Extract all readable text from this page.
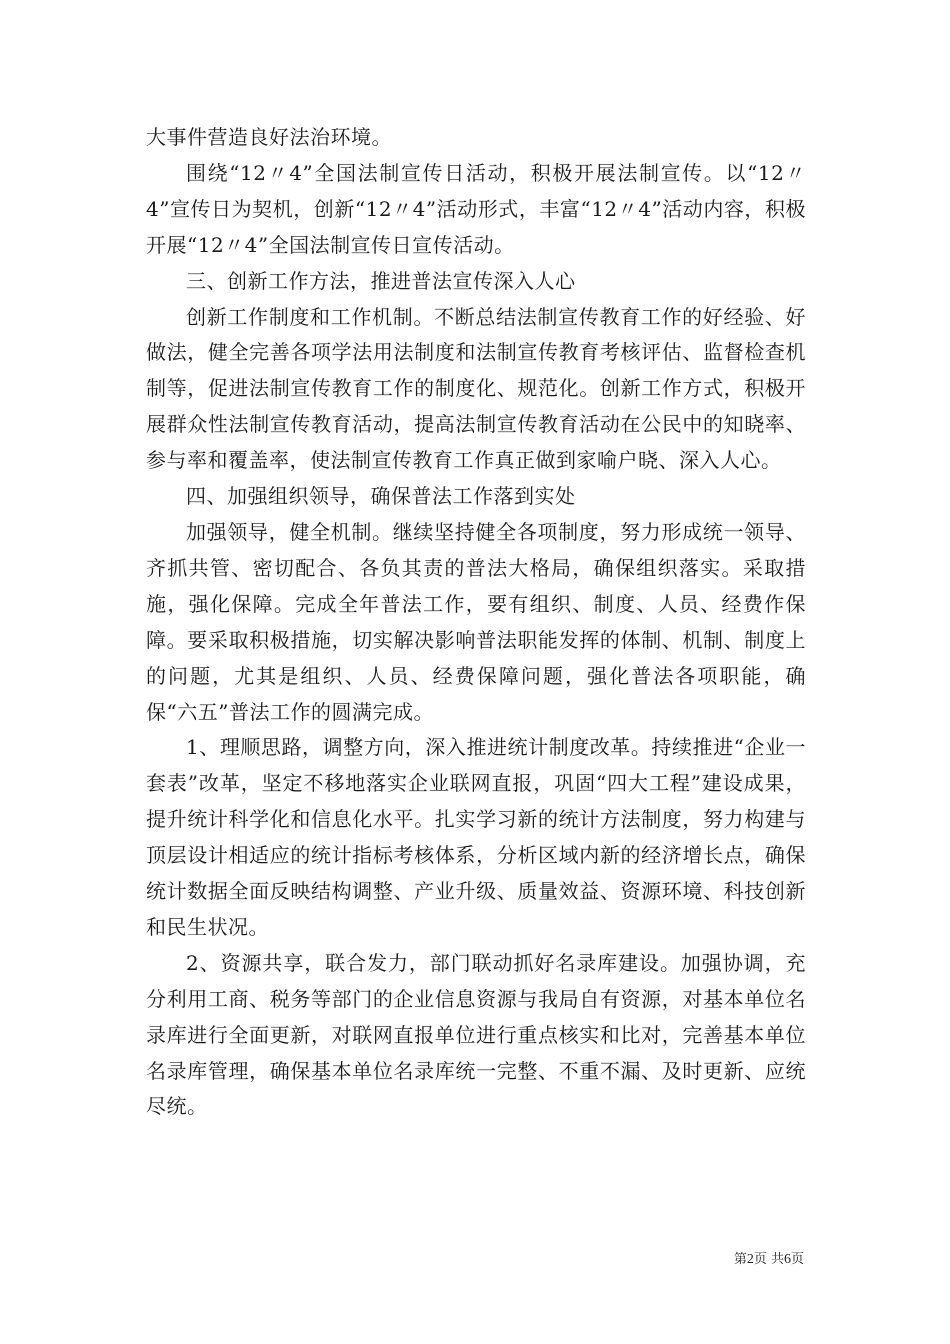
大事件营造良好法治环境。

围绕“12〃4”全国法制宣传日活动，积极开展法制宣传。以“12〃4”宣传日为契机，创新“12〃4”活动形式，丰富“12〃4”活动内容，积极开展“12〃4”全国法制宣传日宣传活动。

三、创新工作方法，推进普法宣传深入人心

创新工作制度和工作机制。不断总结法制宣传教育工作的好经验、好做法，健全完善各项学法用法制度和法制宣传教育考核评估、监督检查机制等，促进法制宣传教育工作的制度化、规范化。创新工作方式，积极开展群众性法制宣传教育活动，提高法制宣传教育活动在公民中的知晓率、参与率和覆盖率，使法制宣传教育工作真正做到家喻户晓、深入人心。

四、加强组织领导，确保普法工作落到实处

加强领导，健全机制。继续坚持健全各项制度，努力形成统一领导、齐抓共管、密切配合、各负其责的普法大格局，确保组织落实。采取措施，强化保障。完成全年普法工作，要有组织、制度、人员、经费作保障。要采取积极措施，切实解决影响普法职能发挥的体制、机制、制度上的问题，尤其是组织、人员、经费保障问题，强化普法各项职能，确保“六五”普法工作的圆满完成。

1、理顺思路，调整方向，深入推进统计制度改革。持续推进“企业一套表”改革，坚定不移地落实企业联网直报，巩固“四大工程”建设成果，提升统计科学化和信息化水平。扎实学习新的统计方法制度，努力构建与顶层设计相适应的统计指标考核体系，分析区域内新的经济增长点，确保统计数据全面反映结构调整、产业升级、质量效益、资源环境、科技创新和民生状况。

2、资源共享，联合发力，部门联动抓好名录库建设。加强协调，充分利用工商、税务等部门的企业信息资源与我局自有资源，对基本单位名录库进行全面更新，对联网直报单位进行重点核实和比对，完善基本单位名录库管理，确保基本单位名录库统一完整、不重不漏、及时更新、应统尽统。

第2页 共6页
